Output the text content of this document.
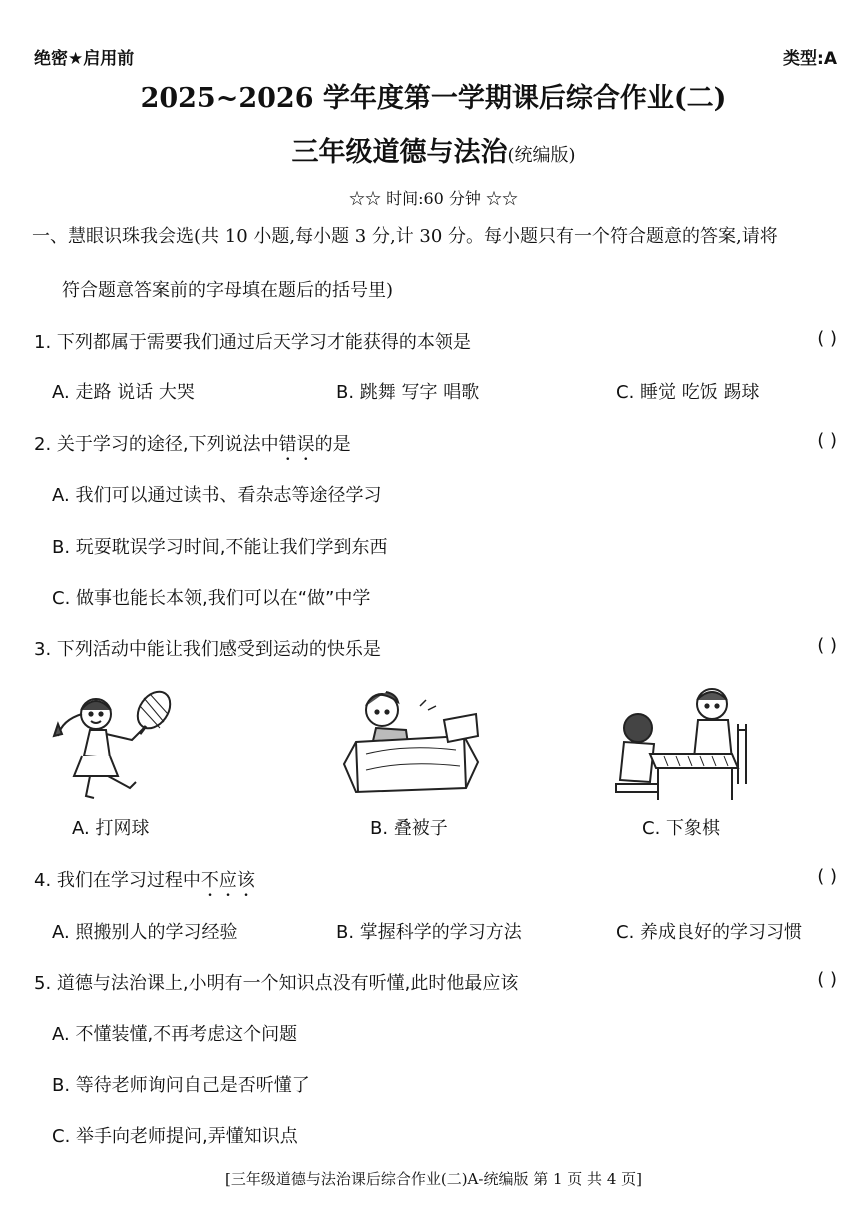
绝密★启用前	类型:A
2025~2026 学年度第一学期课后综合作业(二)
三年级道德与法治(统编版)
☆☆ 时间:60 分钟 ☆☆
一、慧眼识珠我会选(共 10 小题,每小题 3 分,计 30 分。每小题只有一个符合题意的答案,请将
符合题意答案前的字母填在题后的括号里)
1. 下列都属于需要我们通过后天学习才能获得的本领是	( )
A. 走路 说话 大哭	B. 跳舞 写字 唱歌	C. 睡觉 吃饭 踢球
2. 关于学习的途径,下列说法中错误的是	( )
A. 我们可以通过读书、看杂志等途径学习
B. 玩耍耽误学习时间,不能让我们学到东西
C. 做事也能长本领,我们可以在“做”中学
3. 下列活动中能让我们感受到运动的快乐是	( )
A. 打网球	B. 叠被子	C. 下象棋
4. 我们在学习过程中不应该	( )
A. 照搬别人的学习经验	B. 掌握科学的学习方法	C. 养成良好的学习习惯
5. 道德与法治课上,小明有一个知识点没有听懂,此时他最应该	( )
A. 不懂装懂,不再考虑这个问题
B. 等待老师询问自己是否听懂了
C. 举手向老师提问,弄懂知识点
[三年级道德与法治课后综合作业(二)A-统编版 第 1 页 共 4 页]
